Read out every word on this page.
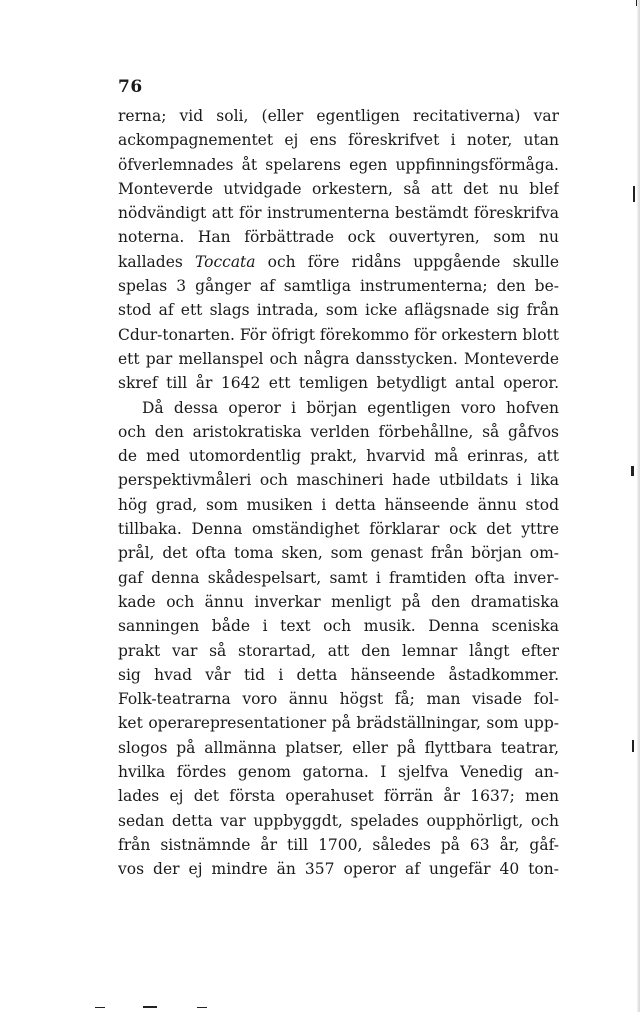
76
rerna; vid soli, (eller egentligen recitativerna) var
ackompagnementet ej ens föreskrifvet i noter, utan
öfverlemnades åt spelarens egen uppfinningsförmåga.
Monteverde utvidgade orkestern, så att det nu blef
nödvändigt att för instrumenterna bestämdt föreskrifva
noterna. Han förbättrade ock ouvertyren, som nu
kallades Toccata och före ridåns uppgående skulle
spelas 3 gånger af samtliga instrumenterna; den be-
stod af ett slags intrada, som icke aflägsnade sig från
Cdur-tonarten. För öfrigt förekommo för orkestern blott
ett par mellanspel och några dansstycken. Monteverde
skref till år 1642 ett temligen betydligt antal operor.
Då dessa operor i början egentligen voro hofven
och den aristokratiska verlden förbehållne, så gåfvos
de med utomordentlig prakt, hvarvid må erinras, att
perspektivmåleri och maschineri hade utbildats i lika
hög grad, som musiken i detta hänseende ännu stod
tillbaka. Denna omständighet förklarar ock det yttre
prål, det ofta toma sken, som genast från början om-
gaf denna skådespelsart, samt i framtiden ofta inver-
kade och ännu inverkar menligt på den dramatiska
sanningen både i text och musik. Denna sceniska
prakt var så storartad, att den lemnar långt efter
sig hvad vår tid i detta hänseende åstadkommer.
Folk-teatrarna voro ännu högst få; man visade fol-
ket operarepresentationer på brädställningar, som upp-
slogos på allmänna platser, eller på flyttbara teatrar,
hvilka fördes genom gatorna. I sjelfva Venedig an-
lades ej det första operahuset förrän år 1637; men
sedan detta var uppbyggdt, spelades oupphörligt, och
från sistnämnde år till 1700, således på 63 år, gåf-
vos der ej mindre än 357 operor af ungefär 40 ton-
